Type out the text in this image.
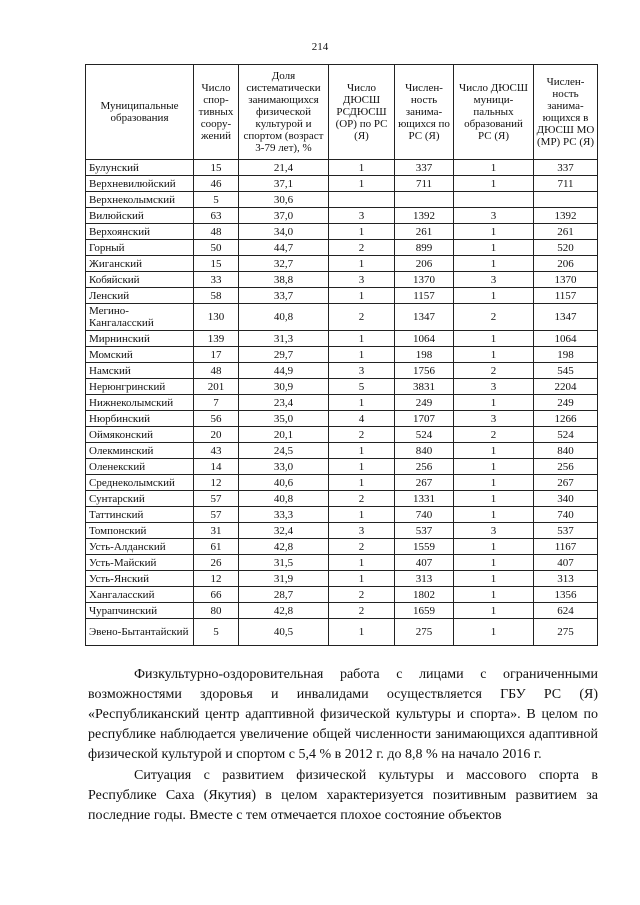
214
Муниципальные образования	Число спор-тивных соору-жений	Доля систематически занимающихся физической культурой и спортом (возраст 3-79 лет), %	Число ДЮСШ РСДЮСШ (ОР) по РС (Я)	Числен-ность занима-ющихся по РС (Я)	Число ДЮСШ муници-пальных образований РС (Я)	Числен-ность занима-ющихся в ДЮСШ МО (МР) РС (Я)
Булунский	15	21,4	1	337	1	337
Верхневилюйский	46	37,1	1	711	1	711
Верхнеколымский	5	30,6				
Вилюйский	63	37,0	3	1392	3	1392
Верхоянский	48	34,0	1	261	1	261
Горный	50	44,7	2	899	1	520
Жиганский	15	32,7	1	206	1	206
Кобяйский	33	38,8	3	1370	3	1370
Ленский	58	33,7	1	1157	1	1157
Мегино-Кангаласский	130	40,8	2	1347	2	1347
Мирнинский	139	31,3	1	1064	1	1064
Момский	17	29,7	1	198	1	198
Намский	48	44,9	3	1756	2	545
Нерюнгринский	201	30,9	5	3831	3	2204
Нижнеколымский	7	23,4	1	249	1	249
Нюрбинский	56	35,0	4	1707	3	1266
Оймяконский	20	20,1	2	524	2	524
Олекминский	43	24,5	1	840	1	840
Оленекский	14	33,0	1	256	1	256
Среднеколымский	12	40,6	1	267	1	267
Сунтарский	57	40,8	2	1331	1	340
Таттинский	57	33,3	1	740	1	740
Томпонский	31	32,4	3	537	3	537
Усть-Алданский	61	42,8	2	1559	1	1167
Усть-Майский	26	31,5	1	407	1	407
Усть-Янский	12	31,9	1	313	1	313
Хангаласский	66	28,7	2	1802	1	1356
Чурапчинский	80	42,8	2	1659	1	624
Эвено-Бытантайский	5	40,5	1	275	1	275
Физкультурно-оздоровительная работа с лицами с ограниченными возможностями здоровья и инвалидами осуществляется ГБУ РС (Я) «Республиканский центр адаптивной физической культуры и спорта». В целом по республике наблюдается увеличение общей численности занимающихся адаптивной физической культурой и спортом с 5,4 % в 2012 г. до 8,8 % на начало 2016 г.
Ситуация с развитием физической культуры и массового спорта в Республике Саха (Якутия) в целом характеризуется позитивным развитием за последние годы. Вместе с тем отмечается плохое состояние объектов
